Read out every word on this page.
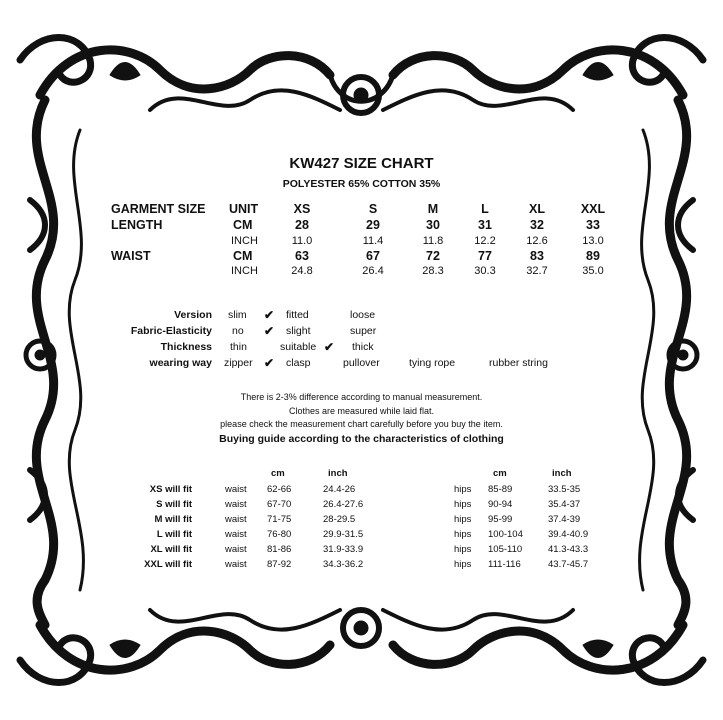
KW427 SIZE CHART
POLYESTER 65% COTTON 35%
GARMENT SIZE UNIT	XS	S	M	L	XL	XXL
LENGTH	CM	28	29	30	31	32	33
INCH	11.0	11.4	11.8	12.2	12.6	13.0
WAIST	CM	63	67	72	77	83	89
INCH	24.8	26.4	28.3	30.3	32.7	35.0
Version slim ✔ fitted	loose
Fabric-Elasticity no ✔ slight	super
Thickness thin	suitable ✔ thick
wearing way zipper ✔ clasp	pullover	tying rope	rubber string
There is 2-3% difference according to manual measurement.
Clothes are measured while laid flat.
please check the measurement chart carefully before you buy the item.
Buying guide according to the characteristics of clothing
cm	inch	cm	inch
XS will fit	waist 62-66	24.4-26	hips 85-89	33.5-35
S will fit	waist 67-70	26.4-27.6	hips 90-94	35.4-37
M will fit	waist 71-75	28-29.5	hips 95-99	37.4-39
L will fit	waist 76-80	29.9-31.5	hips 100-104	39.4-40.9
XL will fit	waist 81-86	31.9-33.9	hips 105-110	41.3-43.3
XXL will fit	waist 87-92	34.3-36.2	hips 111-116	43.7-45.7
